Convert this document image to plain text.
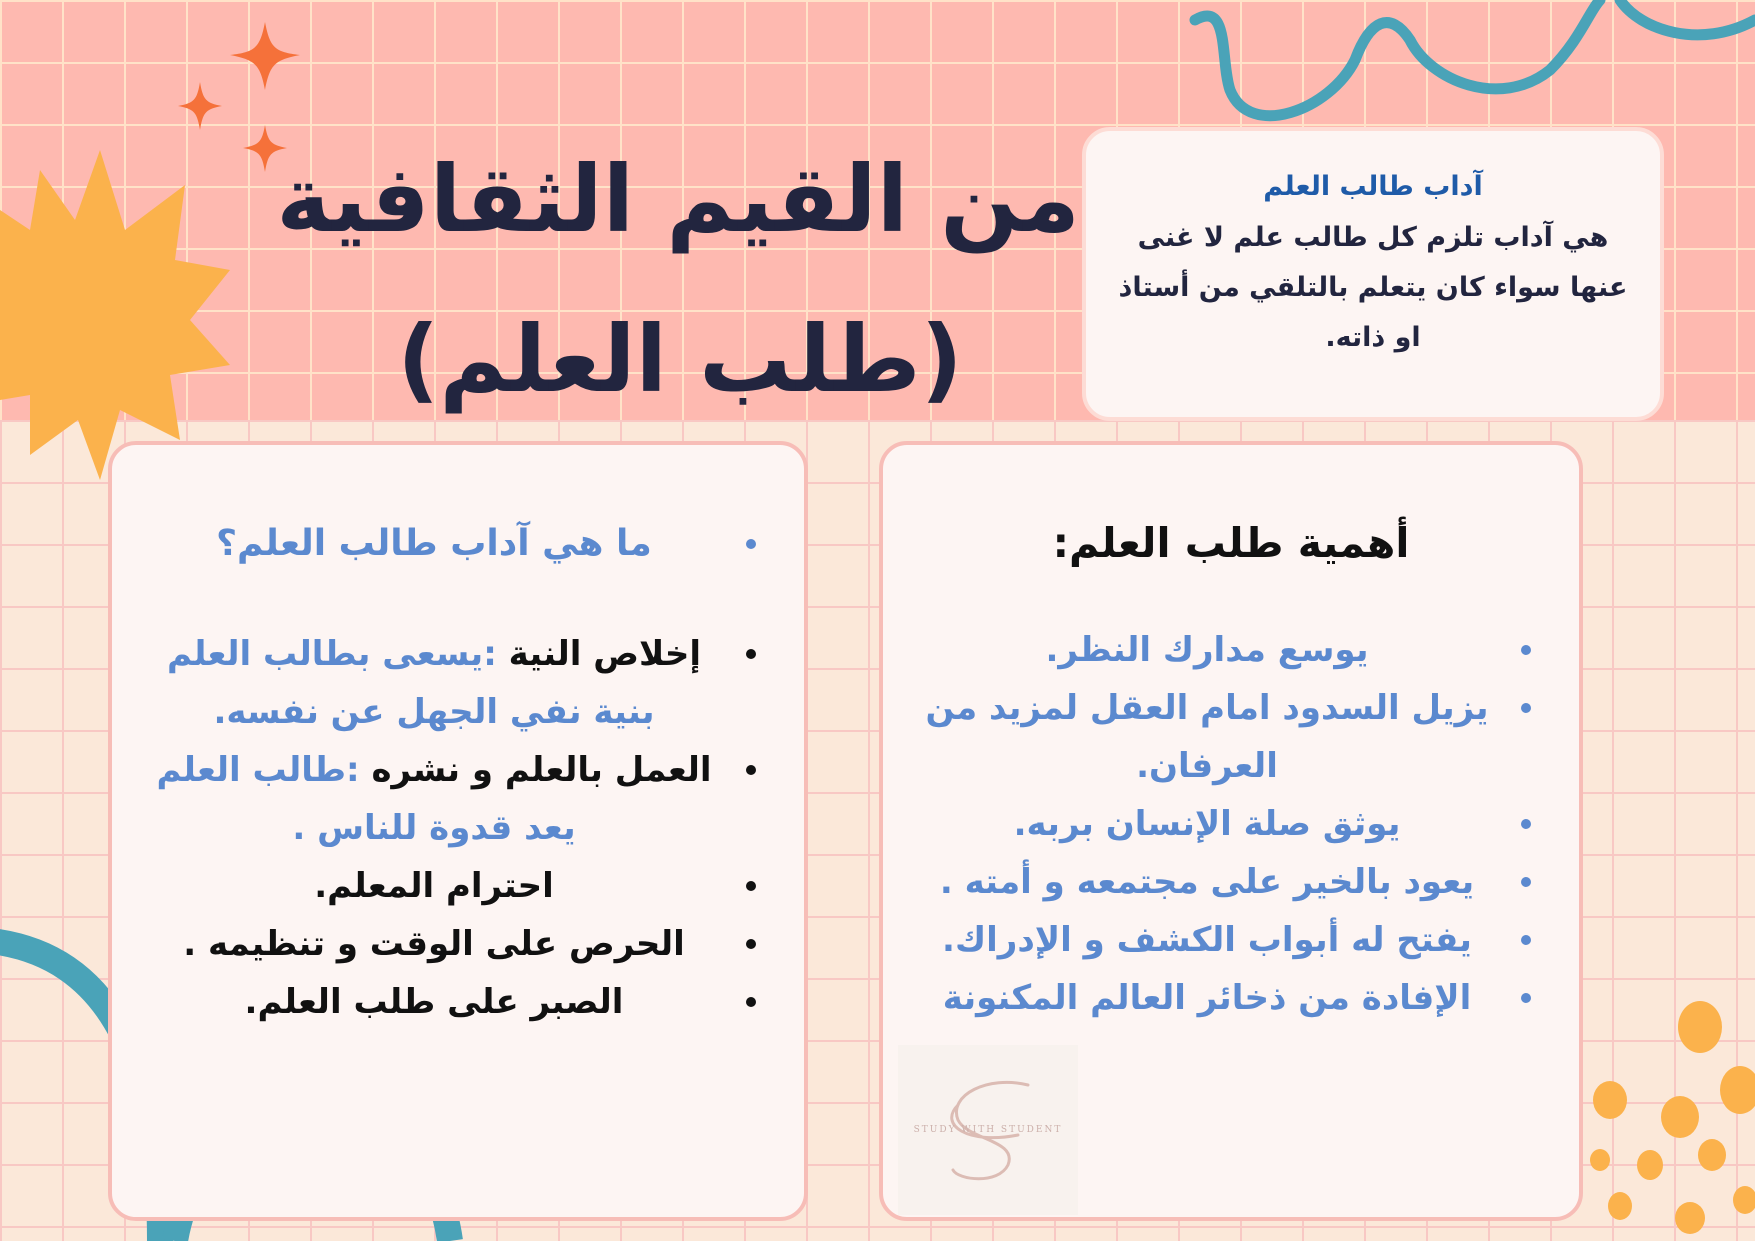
من القيم الثقافية
(طلب العلم)
آداب طالب العلم
هي آداب تلزم كل طالب علم لا غنى عنها سواء كان يتعلم بالتلقي من أستاذ او ذاته.
ما هي آداب طالب العلم؟
إخلاص النية :يسعى بطالب العلم بنية نفي الجهل عن نفسه.
العمل بالعلم و نشره :طالب العلم يعد قدوة للناس .
احترام المعلم.
الحرص على الوقت و تنظيمه .
الصبر على طلب العلم.
أهمية طلب العلم:
يوسع مدارك النظر.
يزيل السدود امام العقل لمزيد من العرفان.
يوثق صلة الإنسان بربه.
يعود بالخير على مجتمعه و أمته .
يفتح له أبواب الكشف و الإدراك.
الإفادة من ذخائر العالم المكنونة
STUDY WITH STUDENT
